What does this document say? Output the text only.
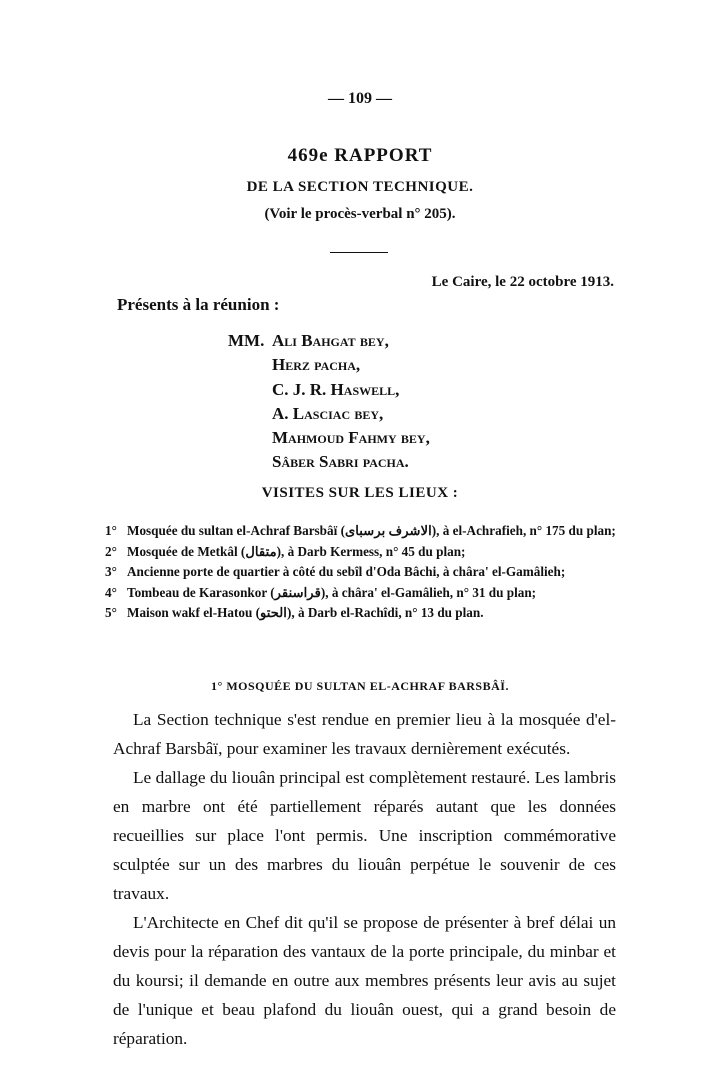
— 109 —
469e RAPPORT
DE LA SECTION TECHNIQUE.
(Voir le procès-verbal n° 205).
Le Caire, le 22 octobre 1913.
Présents à la réunion :
MM. Ali Bahgat bey,
Herz pacha,
C. J. R. Haswell,
A. Lasciac bey,
Mahmoud Fahmy bey,
Sâber Sabri pacha.
VISITES SUR LES LIEUX :
1° Mosquée du sultan el-Achraf Barsbâï (الاشرف برسباى), à el-Achrafieh, n° 175 du plan;
2° Mosquée de Metkâl (متقال), à Darb Kermess, n° 45 du plan;
3° Ancienne porte de quartier à côté du sebîl d'Oda Bâchi, à châra' el-Gamâlieh;
4° Tombeau de Karasonkor (قراسنقر), à châra' el-Gamâlieh, n° 31 du plan;
5° Maison wakf el-Hatou (الحتو), à Darb el-Rachîdi, n° 13 du plan.
1° MOSQUÉE DU SULTAN EL-ACHRAF BARSBÂÏ.

La Section technique s'est rendue en premier lieu à la mosquée d'el-Achraf Barsbâï, pour examiner les travaux dernièrement exécutés.

Le dallage du liouân principal est complètement restauré. Les lambris en marbre ont été partiellement réparés autant que les données recueillies sur place l'ont permis. Une inscription commémorative sculptée sur un des marbres du liouân perpétue le souvenir de ces travaux.

L'Architecte en Chef dit qu'il se propose de présenter à bref délai un devis pour la réparation des vantaux de la porte principale, du minbar et du koursi; il demande en outre aux membres présents leur avis au sujet de l'unique et beau plafond du liouân ouest, qui a grand besoin de réparation.
